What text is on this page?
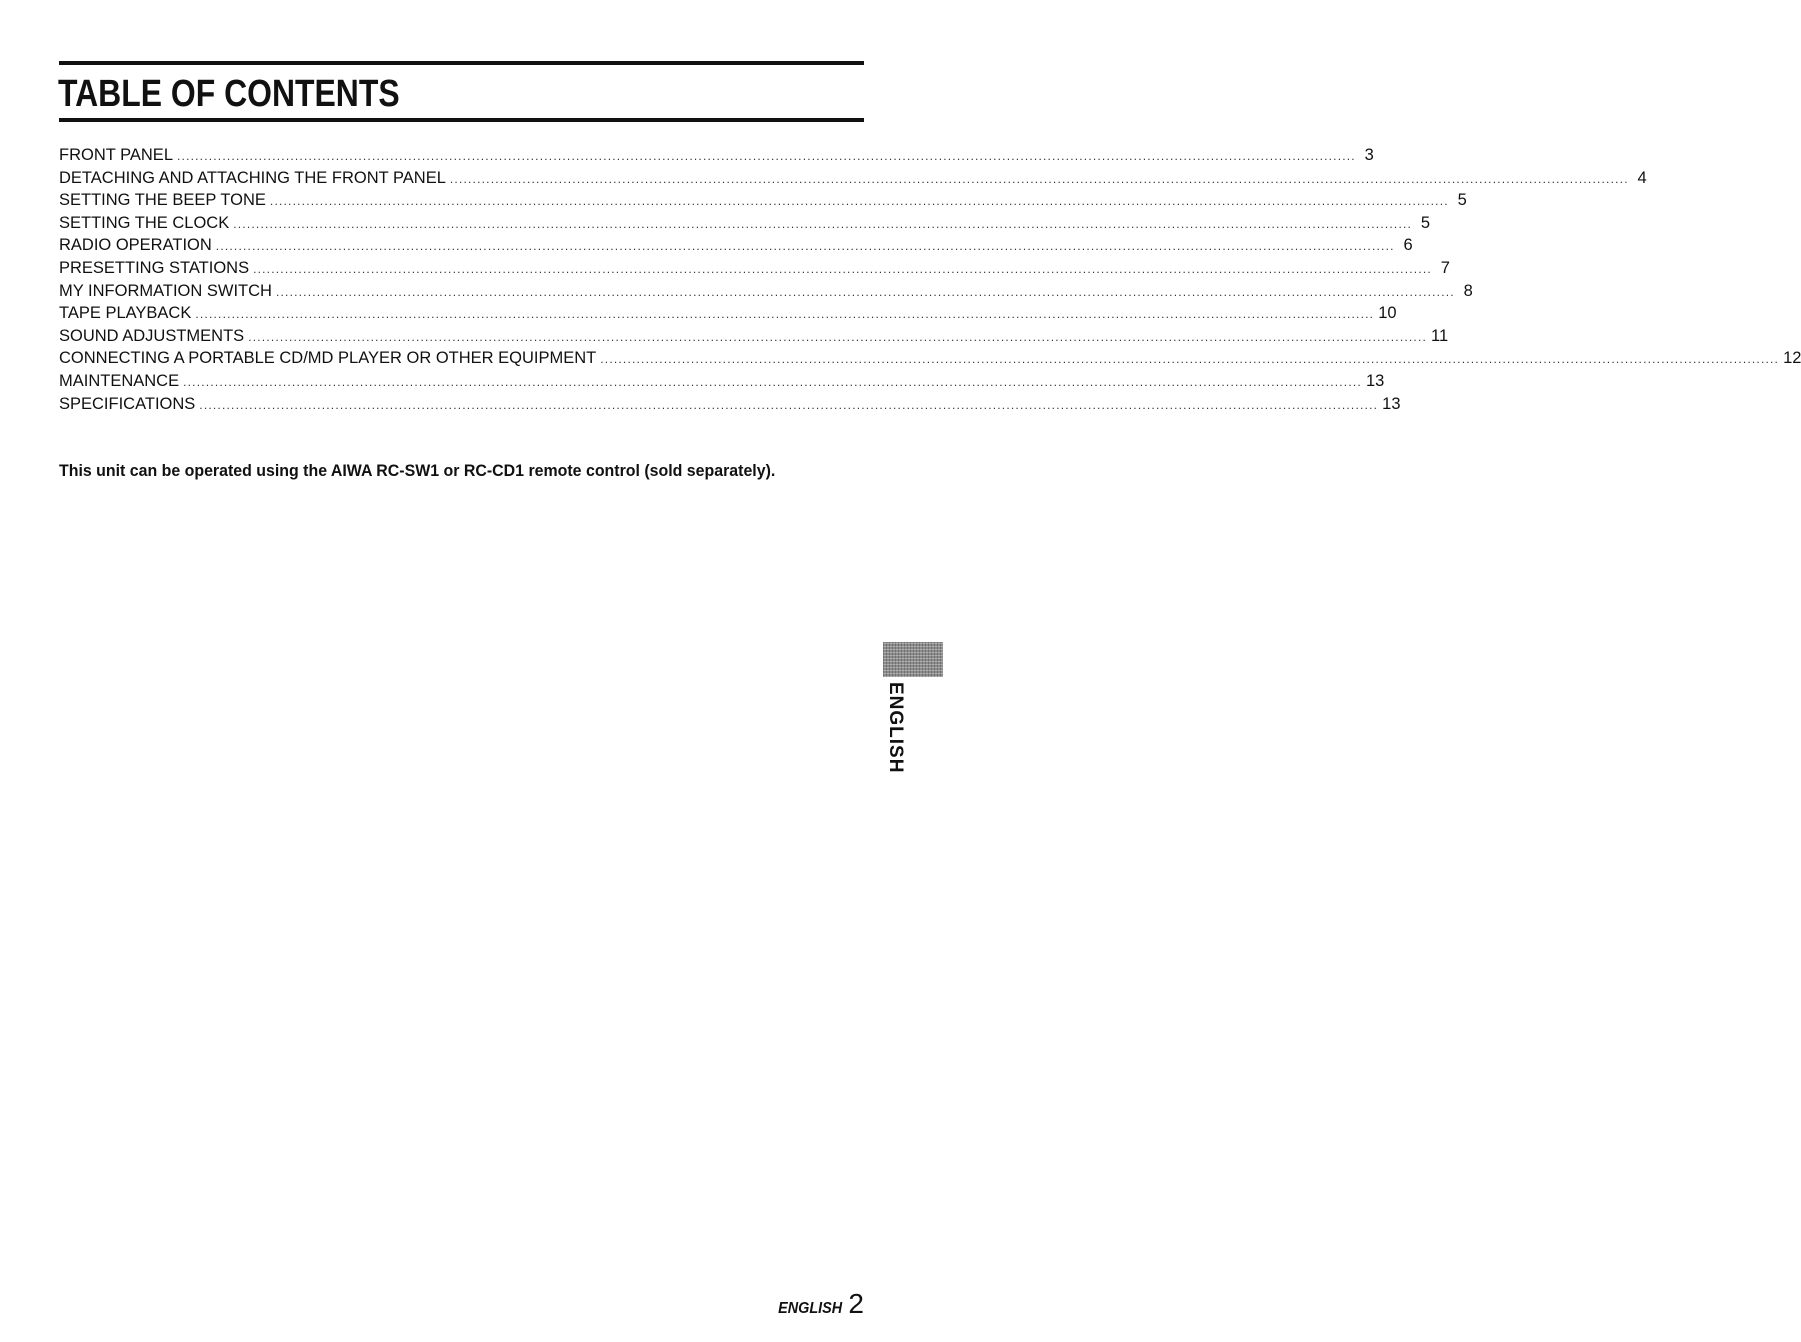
TABLE OF CONTENTS
FRONT PANEL .................................................................................................................................................................................................................................................................... 3
DETACHING AND ATTACHING THE FRONT PANEL .................................................................................................................................................................................................................................................................... 4
SETTING THE BEEP TONE .................................................................................................................................................................................................................................................................... 5
SETTING THE CLOCK .................................................................................................................................................................................................................................................................... 5
RADIO OPERATION .................................................................................................................................................................................................................................................................... 6
PRESETTING STATIONS .................................................................................................................................................................................................................................................................... 7
MY INFORMATION SWITCH .................................................................................................................................................................................................................................................................... 8
TAPE PLAYBACK .................................................................................................................................................................................................................................................................... 10
SOUND ADJUSTMENTS .................................................................................................................................................................................................................................................................... 11
CONNECTING A PORTABLE CD/MD PLAYER OR OTHER EQUIPMENT .................................................................................................................................................................................................................................................................... 12
MAINTENANCE .................................................................................................................................................................................................................................................................... 13
SPECIFICATIONS .................................................................................................................................................................................................................................................................... 13

This unit can be operated using the AIWA RC-SW1 or RC-CD1 remote control (sold separately).

ENGLISH
ENGLISH 2
